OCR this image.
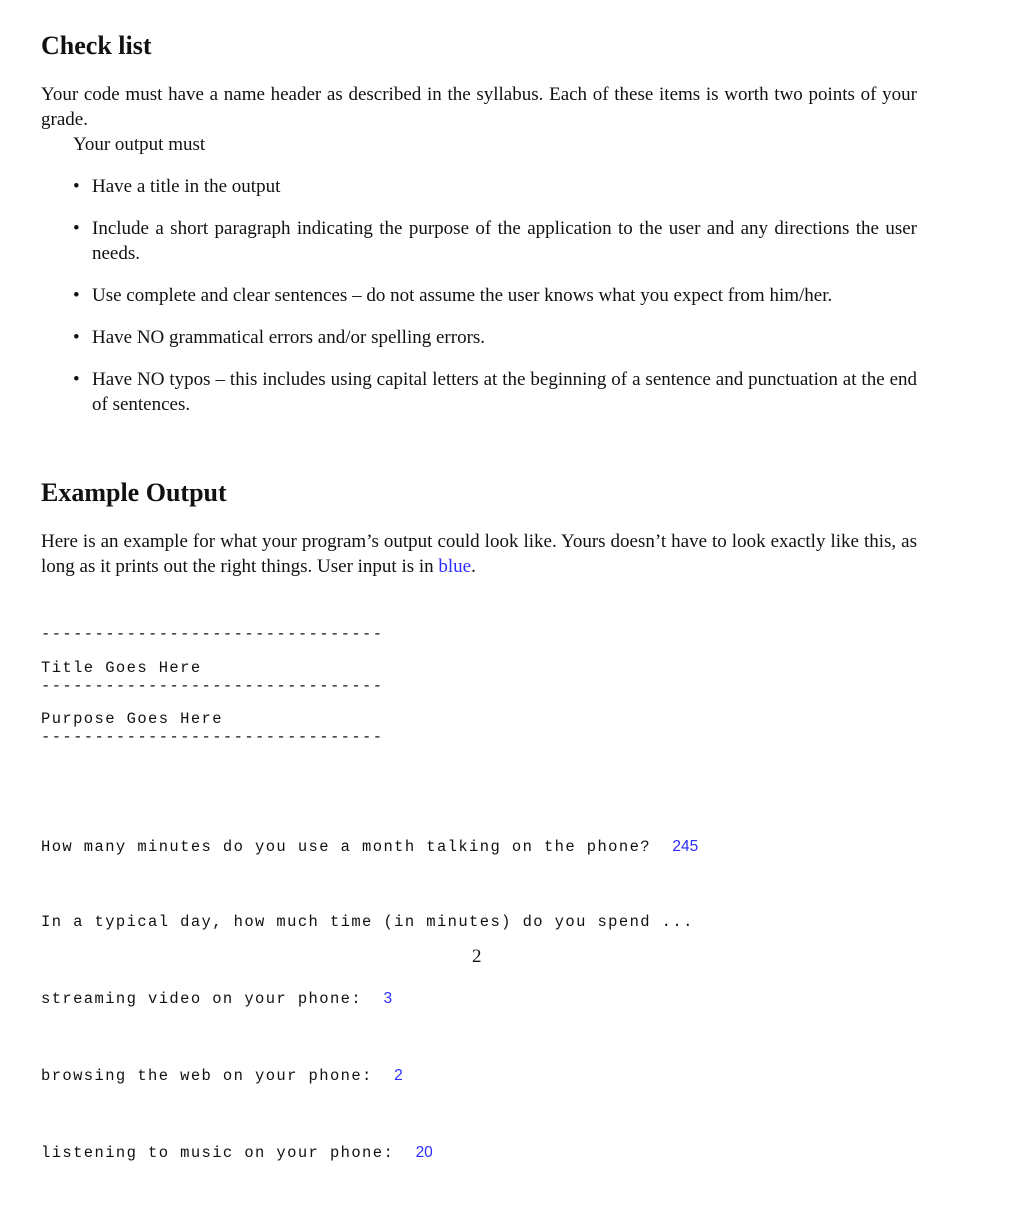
Check list

Your code must have a name header as described in the syllabus. Each of these items is worth two points of your grade.

Your output must

• Have a title in the output
• Include a short paragraph indicating the purpose of the application to the user and any directions the user needs.
• Use complete and clear sentences – do not assume the user knows what you expect from him/her.
• Have NO grammatical errors and/or spelling errors.
• Have NO typos – this includes using capital letters at the beginning of a sentence and punctuation at the end of sentences.
Example Output

Here is an example for what your program’s output could look like. Yours doesn’t have to look exactly like this, as long as it prints out the right things. User input is in blue.

--------------------------------
Title Goes Here
--------------------------------
Purpose Goes Here
--------------------------------

How many minutes do you use a month talking on the phone?  245

In a typical day, how much time (in minutes) do you spend ...

streaming video on your phone:  3

browsing the web on your phone:  2

listening to music on your phone:  20

2
